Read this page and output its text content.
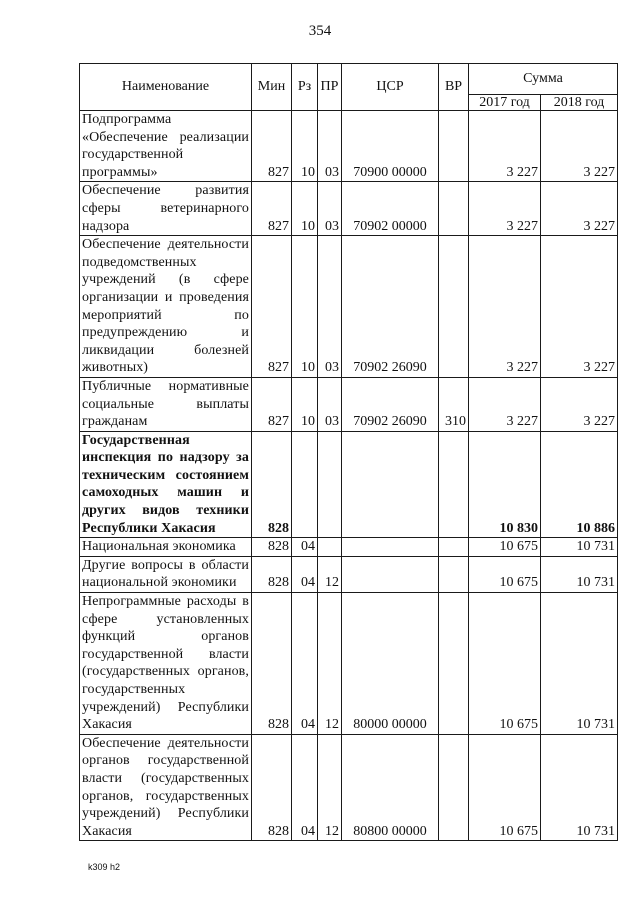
354
Наименование	Мин	Рз	ПР	ЦСР	ВР	Сумма	
						2017 год	2018 год
Подпрограмма «Обеспечение реализации государственной программы»	827	10	03	70900 00000		3 227	3 227
Обеспечение развития сферы ветеринарного надзора	827	10	03	70902 00000		3 227	3 227
Обеспечение деятельности подведомственных учреждений (в сфере организации и проведения мероприятий по предупреждению и ликвидации болезней животных)	827	10	03	70902 26090		3 227	3 227
Публичные нормативные социальные выплаты гражданам	827	10	03	70902 26090	310	3 227	3 227
Государственная инспекция по надзору за техническим состоянием самоходных машин и других видов техники Республики Хакасия	828					10 830	10 886
Национальная экономика	828	04				10 675	10 731
Другие вопросы в области национальной экономики	828	04	12			10 675	10 731
Непрограммные расходы в сфере установленных функций органов государственной власти (государственных органов, государственных учреждений) Республики Хакасия	828	04	12	80000 00000		10 675	10 731
Обеспечение деятельности органов государственной власти (государственных органов, государственных учреждений) Республики Хакасия	828	04	12	80800 00000		10 675	10 731
k309 h2
